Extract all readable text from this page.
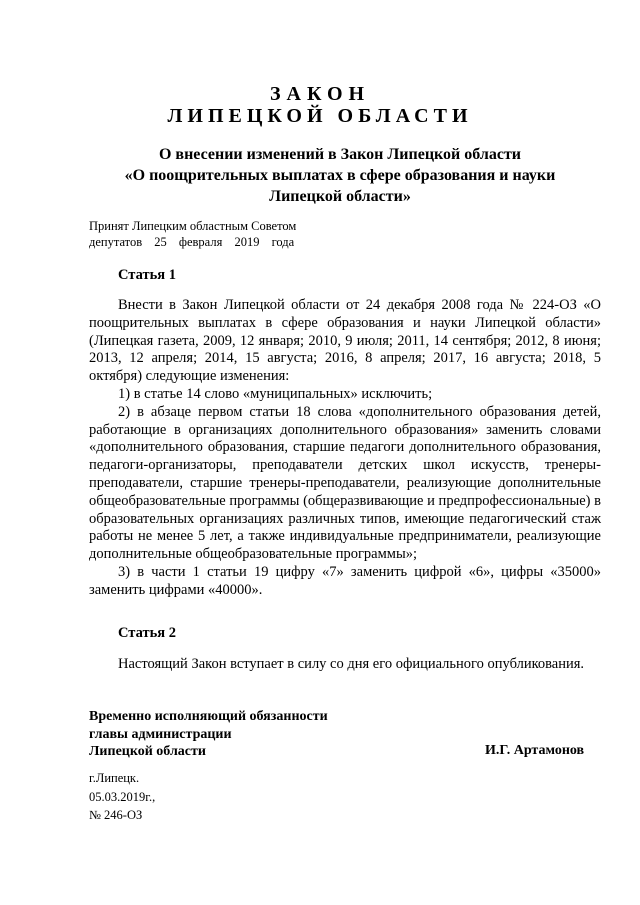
ЗАКОН
ЛИПЕЦКОЙ ОБЛАСТИ
О внесении изменений в Закон Липецкой области
«О поощрительных выплатах в сфере образования и науки
Липецкой области»
Принят Липецким областным Советом
депутатов 25 февраля 2019 года
Статья 1

Внести в Закон Липецкой области от 24 декабря 2008 года № 224-ОЗ «О поощрительных выплатах в сфере образования и науки Липецкой области» (Липецкая газета, 2009, 12 января; 2010, 9 июля; 2011, 14 сентября; 2012, 8 июня; 2013, 12 апреля; 2014, 15 августа; 2016, 8 апреля; 2017, 16 августа; 2018, 5 октября) следующие изменения:

1) в статье 14 слово «муниципальных» исключить;

2) в абзаце первом статьи 18 слова «дополнительного образования детей, работающие в организациях дополнительного образования» заменить словами «дополнительного образования, старшие педагоги дополнительного образования, педагоги-организаторы, преподаватели детских школ искусств, тренеры-преподаватели, старшие тренеры-преподаватели, реализующие дополнительные общеобразовательные программы (общеразвивающие и предпрофессиональные) в образовательных организациях различных типов, имеющие педагогический стаж работы не менее 5 лет, а также индивидуальные предприниматели, реализующие дополнительные общеобразовательные программы»;

3) в части 1 статьи 19 цифру «7» заменить цифрой «6», цифры «35000» заменить цифрами «40000».

Статья 2

Настоящий Закон вступает в силу со дня его официального опубликования.

Временно исполняющий обязанности
главы администрации
Липецкой области	И.Г. Артамонов
г.Липецк.
05.03.2019г.,
№ 246-ОЗ
